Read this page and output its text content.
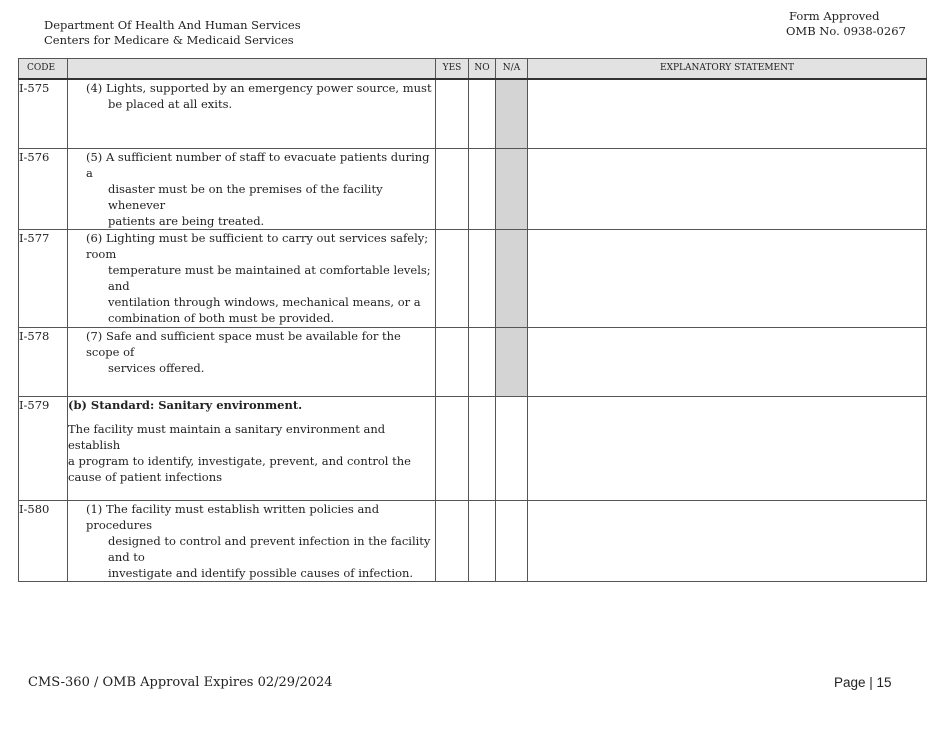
Department Of Health And Human Services
Centers for Medicare & Medicaid Services
Form Approved
OMB No. 0938-0267
CODE		YES	NO	N/A	EXPLANATORY STATEMENT
I-575	(4) Lights, supported by an emergency power source, must
be placed at all exits.				

I-576	(5) A sufficient number of staff to evacuate patients during a
disaster must be on the premises of the facility whenever
patients are being treated.				

I-577	(6) Lighting must be sufficient to carry out services safely; room
temperature must be maintained at comfortable levels; and
ventilation through windows, mechanical means, or a
combination of both must be provided.				

I-578	(7) Safe and sufficient space must be available for the scope of
services offered.				

I-579	(b) Standard: Sanitary environment.
The facility must maintain a sanitary environment and establish
a program to identify, investigate, prevent, and control the
cause of patient infections				

I-580	(1) The facility must establish written policies and procedures
designed to control and prevent infection in the facility and to
investigate and identify possible causes of infection.				

CMS-360 / OMB Approval Expires 02/29/2024	Page | 15
